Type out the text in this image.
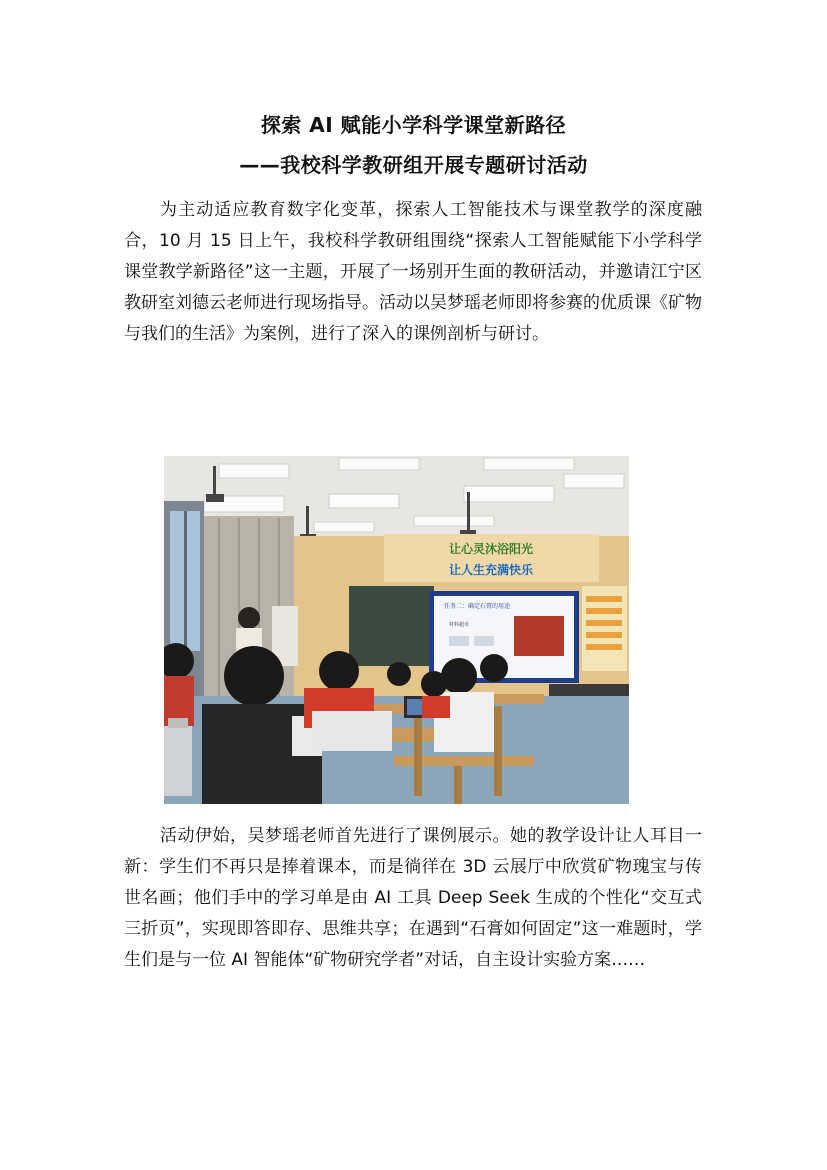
探索 AI 赋能小学科学课堂新路径
——我校科学教研组开展专题研讨活动

为主动适应教育数字化变革，探索人工智能技术与课堂教学的深度融合，10 月 15 日上午，我校科学教研组围绕“探索人工智能赋能下小学科学课堂教学新路径”这一主题，开展了一场别开生面的教研活动，并邀请江宁区教研室刘德云老师进行现场指导。活动以吴梦瑶老师即将参赛的优质课《矿物与我们的生活》为案例，进行了深入的课例剖析与研讨。

让心灵沐浴阳光
让人生充满快乐
任务二：确定石膏的用途
材料超市

活动伊始，吴梦瑶老师首先进行了课例展示。她的教学设计让人耳目一新：学生们不再只是捧着课本，而是徜徉在 3D 云展厅中欣赏矿物瑰宝与传世名画；他们手中的学习单是由 AI 工具 Deep Seek 生成的个性化“交互式三折页”，实现即答即存、思维共享；在遇到“石膏如何固定”这一难题时，学生们是与一位 AI 智能体“矿物研究学者”对话，自主设计实验方案……
